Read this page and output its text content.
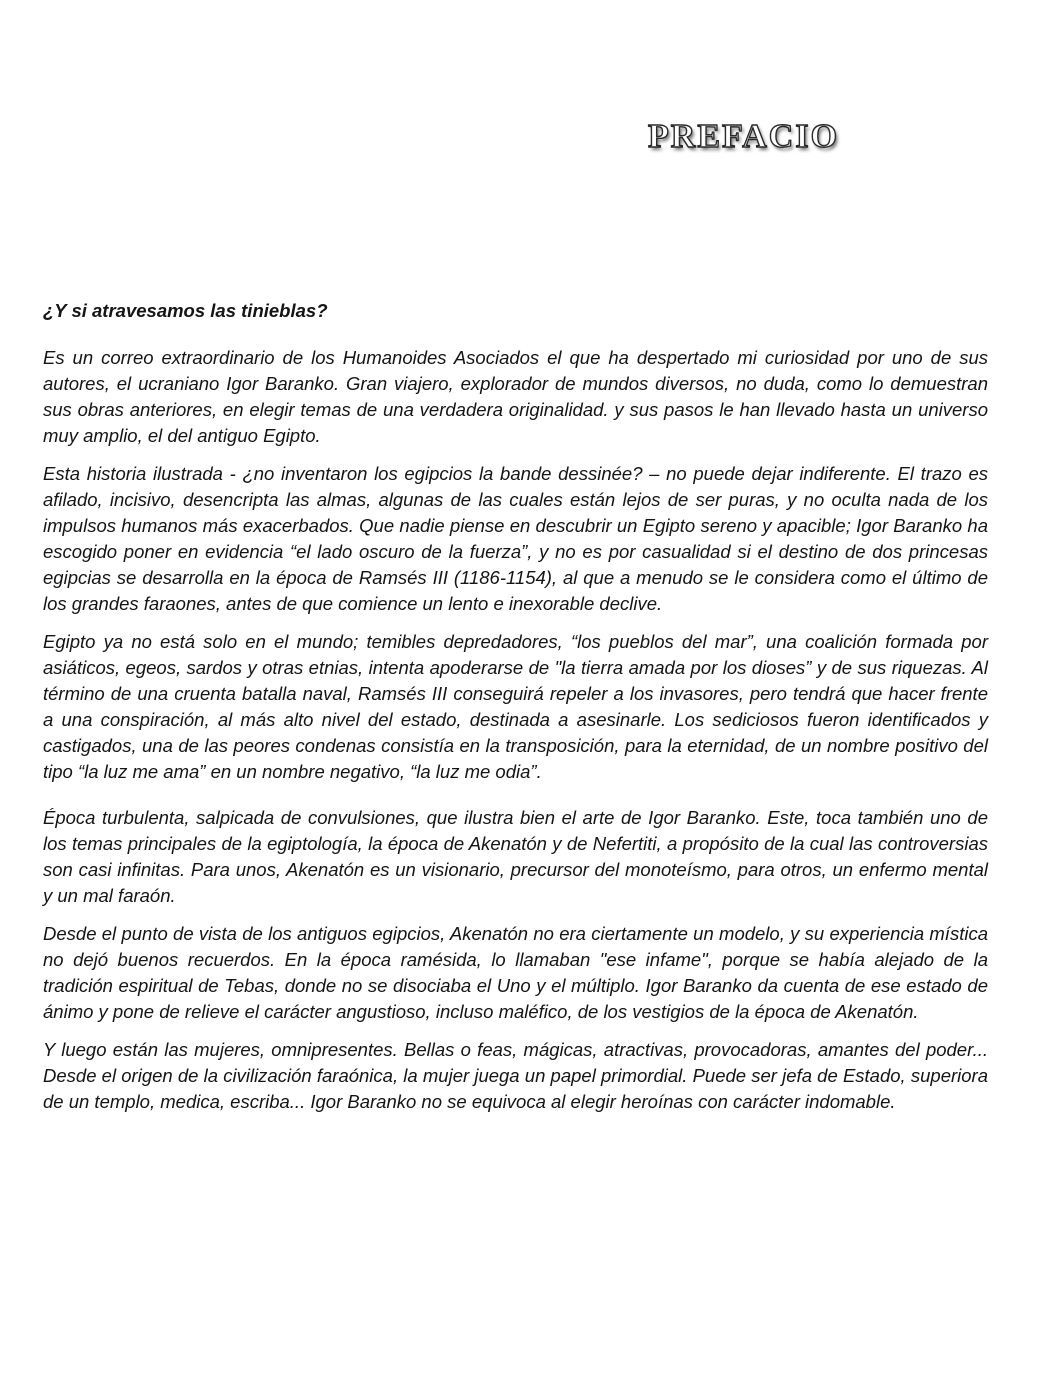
PREFACIO

¿Y si atravesamos las tinieblas?

Es un correo extraordinario de los Humanoides Asociados el que ha despertado mi curiosidad por uno de sus autores, el ucraniano Igor Baranko. Gran viajero, explorador de mundos diversos, no duda, como lo demuestran sus obras anteriores, en elegir temas de una verdadera originalidad. y sus pasos le han llevado hasta un universo muy amplio, el del antiguo Egipto.

Esta historia ilustrada - ¿no inventaron los egipcios la bande dessinée? – no puede dejar indiferente. El trazo es afilado, incisivo, desencripta las almas, algunas de las cuales están lejos de ser puras, y no oculta nada de los impulsos humanos más exacerbados. Que nadie piense en descubrir un Egipto sereno y apacible; Igor Baranko ha escogido poner en evidencia “el lado oscuro de la fuerza”, y no es por casualidad si el destino de dos princesas egipcias se desarrolla en la época de Ramsés III (1186-1154), al que a menudo se le considera como el último de los grandes faraones, antes de que comience un lento e inexorable declive.

Egipto ya no está solo en el mundo; temibles depredadores, “los pueblos del mar”, una coalición formada por asiáticos, egeos, sardos y otras etnias, intenta apoderarse de "la tierra amada por los dioses” y de sus riquezas. Al término de una cruenta batalla naval, Ramsés III conseguirá repeler a los invasores, pero tendrá que hacer frente a una conspiración, al más alto nivel del estado, destinada a asesinarle. Los sediciosos fueron identificados y castigados, una de las peores condenas consistía en la transposición, para la eternidad, de un nombre positivo del tipo “la luz me ama” en un nombre negativo, “la luz me odia”.

Época turbulenta, salpicada de convulsiones, que ilustra bien el arte de Igor Baranko. Este, toca también uno de los temas principales de la egiptología, la época de Akenatón y de Nefertiti, a propósito de la cual las controversias son casi infinitas. Para unos, Akenatón es un visionario, precursor del monoteísmo, para otros, un enfermo mental y un mal faraón.

Desde el punto de vista de los antiguos egipcios, Akenatón no era ciertamente un modelo, y su experiencia mística no dejó buenos recuerdos. En la época ramésida, lo llamaban "ese infame", porque se había alejado de la tradición espiritual de Tebas, donde no se disociaba el Uno y el múltiplo. Igor Baranko da cuenta de ese estado de ánimo y pone de relieve el carácter angustioso, incluso maléfico, de los vestigios de la época de Akenatón.

Y luego están las mujeres, omnipresentes. Bellas o feas, mágicas, atractivas, provocadoras, amantes del poder... Desde el origen de la civilización faraónica, la mujer juega un papel primordial. Puede ser jefa de Estado, superiora de un templo, medica, escriba... Igor Baranko no se equivoca al elegir heroínas con carácter indomable.
